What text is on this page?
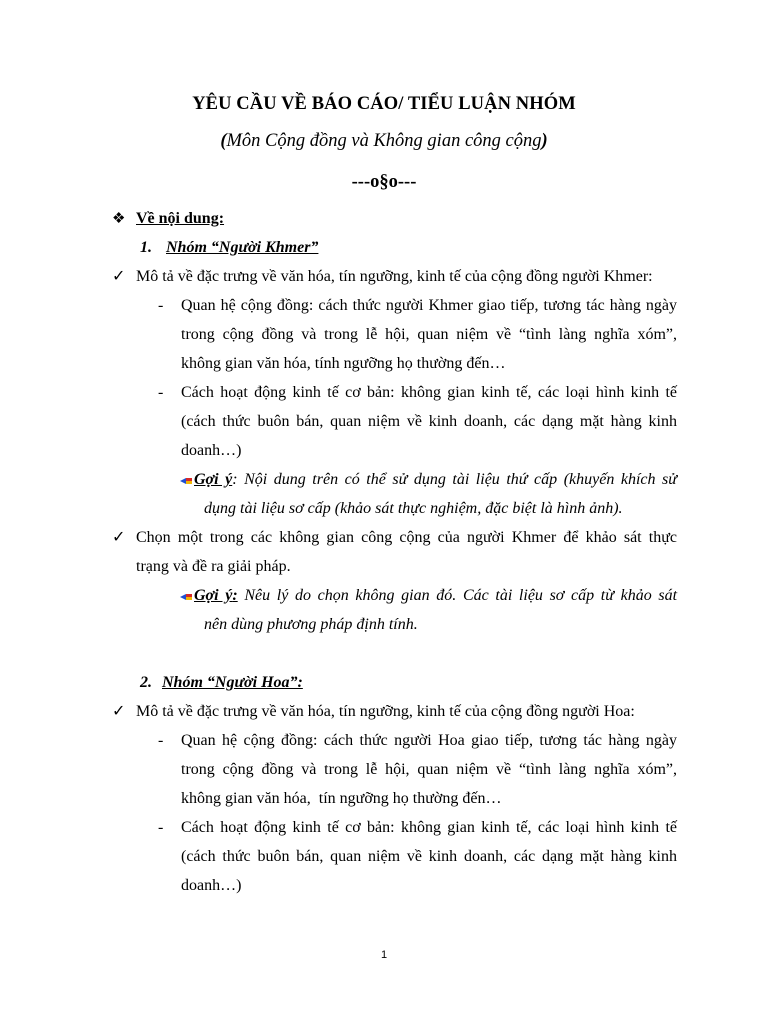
YÊU CẦU VỀ BÁO CÁO/ TIỂU LUẬN NHÓM
(Môn Cộng đồng và Không gian công cộng)
---o§o---
❖ Về nội dung:
1. Nhóm “Người Khmer”
✓ Mô tả về đặc trưng về văn hóa, tín ngưỡng, kinh tế của cộng đồng người Khmer:
- Quan hệ cộng đồng: cách thức người Khmer giao tiếp, tương tác hàng ngày
trong cộng đồng và trong lễ hội, quan niệm về “tình làng nghĩa xóm”,
không gian văn hóa, tính ngưỡng họ thường đến…
- Cách hoạt động kinh tế cơ bản: không gian kinh tế, các loại hình kinh tế
(cách thức buôn bán, quan niệm về kinh doanh, các dạng mặt hàng kinh
doanh…)
Gợi ý: Nội dung trên có thể sử dụng tài liệu thứ cấp (khuyến khích sử
dụng tài liệu sơ cấp (khảo sát thực nghiệm, đặc biệt là hình ảnh).
✓ Chọn một trong các không gian công cộng của người Khmer để khảo sát thực
trạng và đề ra giải pháp.
Gợi ý: Nêu lý do chọn không gian đó. Các tài liệu sơ cấp từ khảo sát
nên dùng phương pháp định tính.
2. Nhóm “Người Hoa”:
✓ Mô tả về đặc trưng về văn hóa, tín ngưỡng, kinh tế của cộng đồng người Hoa:
- Quan hệ cộng đồng: cách thức người Hoa giao tiếp, tương tác hàng ngày
trong cộng đồng và trong lễ hội, quan niệm về “tình làng nghĩa xóm”,
không gian văn hóa,  tín ngưỡng họ thường đến…
- Cách hoạt động kinh tế cơ bản: không gian kinh tế, các loại hình kinh tế
(cách thức buôn bán, quan niệm về kinh doanh, các dạng mặt hàng kinh
doanh…)
1
